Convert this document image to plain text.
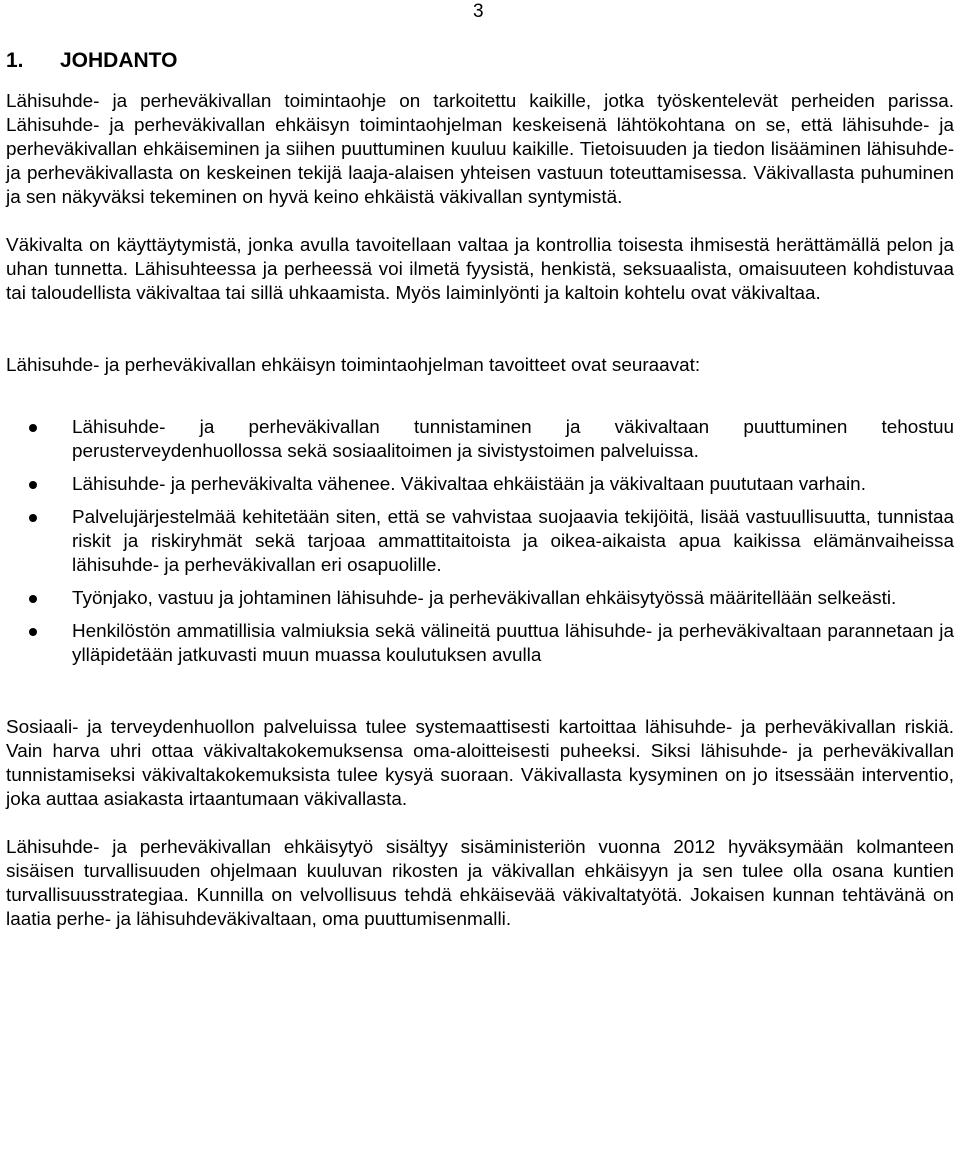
3
1. JOHDANTO

Lähisuhde- ja perheväkivallan toimintaohje on tarkoitettu kaikille, jotka työskentelevät perheiden parissa. Lähisuhde- ja perheväkivallan ehkäisyn toimintaohjelman keskeisenä lähtökohtana on se, että lähisuhde- ja perheväkivallan ehkäiseminen ja siihen puuttuminen kuuluu kaikille. Tietoisuuden ja tiedon lisääminen lähisuhde- ja perheväkivallasta on keskeinen tekijä laaja-alaisen yhteisen vastuun toteuttamisessa. Väkivallasta puhuminen ja sen näkyväksi tekeminen on hyvä keino ehkäistä väkivallan syntymistä.

Väkivalta on käyttäytymistä, jonka avulla tavoitellaan valtaa ja kontrollia toisesta ihmisestä herättämällä pelon ja uhan tunnetta. Lähisuhteessa ja perheessä voi ilmetä fyysistä, henkistä, seksuaalista, omaisuuteen kohdistuvaa tai taloudellista väkivaltaa tai sillä uhkaamista. Myös laiminlyönti ja kaltoin kohtelu ovat väkivaltaa.

Lähisuhde- ja perheväkivallan ehkäisyn toimintaohjelman tavoitteet ovat seuraavat:

Lähisuhde- ja perheväkivallan tunnistaminen ja väkivaltaan puuttuminen tehostuu perusterveydenhuollossa sekä sosiaalitoimen ja sivistystoimen palveluissa.
Lähisuhde- ja perheväkivalta vähenee. Väkivaltaa ehkäistään ja väkivaltaan puututaan varhain.
Palvelujärjestelmää kehitetään siten, että se vahvistaa suojaavia tekijöitä, lisää vastuullisuutta, tunnistaa riskit ja riskiryhmät sekä tarjoaa ammattitaitoista ja oikea-aikaista apua kaikissa elämänvaiheissa lähisuhde- ja perheväkivallan eri osapuolille.
Työnjako, vastuu ja johtaminen lähisuhde- ja perheväkivallan ehkäisytyössä määritellään selkeästi.
Henkilöstön ammatillisia valmiuksia sekä välineitä puuttua lähisuhde- ja perheväkivaltaan parannetaan ja ylläpidetään jatkuvasti muun muassa koulutuksen avulla

Sosiaali- ja terveydenhuollon palveluissa tulee systemaattisesti kartoittaa lähisuhde- ja perheväkivallan riskiä. Vain harva uhri ottaa väkivaltakokemuksensa oma-aloitteisesti puheeksi. Siksi lähisuhde- ja perheväkivallan tunnistamiseksi väkivaltakokemuksista tulee kysyä suoraan. Väkivallasta kysyminen on jo itsessään interventio, joka auttaa asiakasta irtaantumaan väkivallasta.

Lähisuhde- ja perheväkivallan ehkäisytyö sisältyy sisäministeriön vuonna 2012 hyväksymään kolmanteen sisäisen turvallisuuden ohjelmaan kuuluvan rikosten ja väkivallan ehkäisyyn ja sen tulee olla osana kuntien turvallisuusstrategiaa. Kunnilla on velvollisuus tehdä ehkäisevää väkivaltatyötä. Jokaisen kunnan tehtävänä on laatia perhe- ja lähisuhdeväkivaltaan, oma puuttumisenmalli.
